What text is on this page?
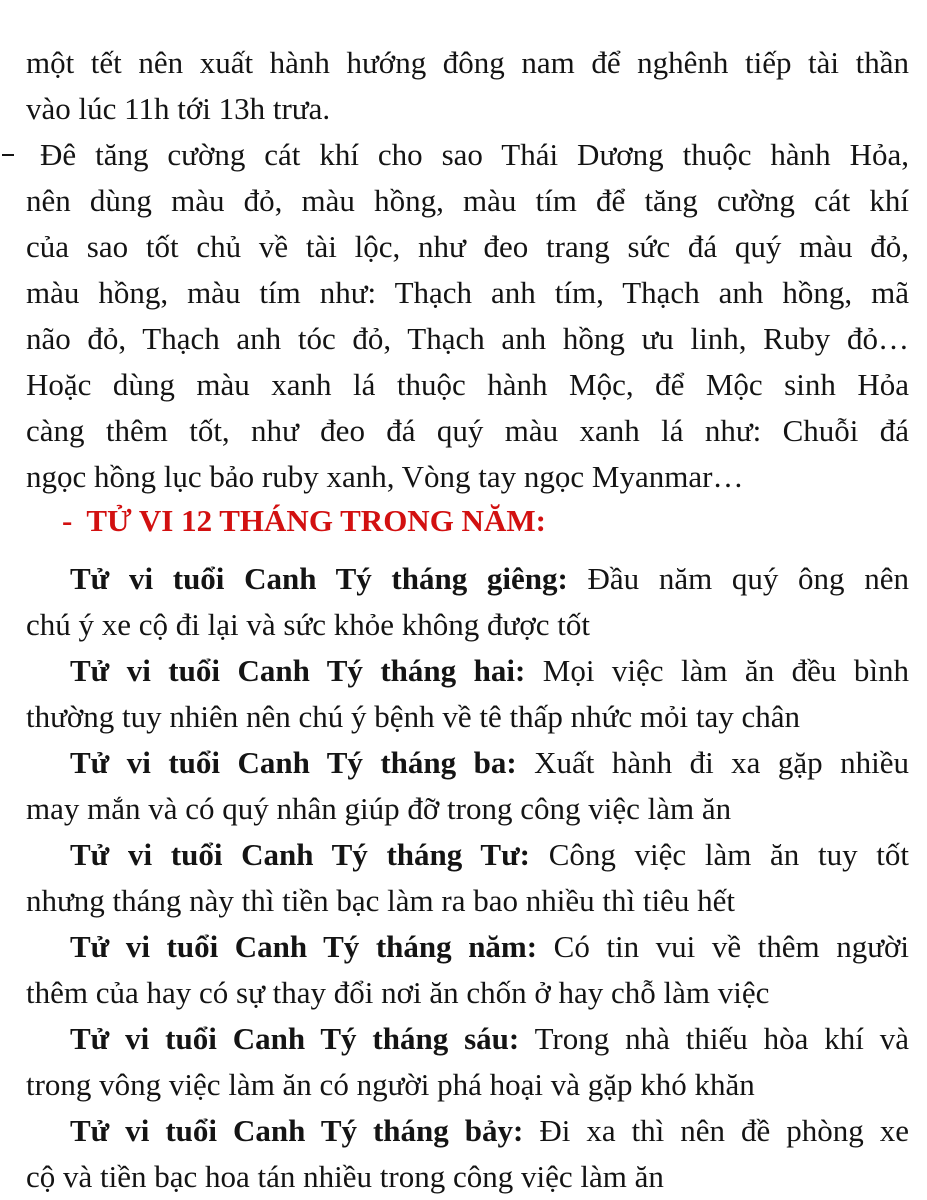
một tết nên xuất hành hướng đông nam để nghênh tiếp tài thần
vào lúc 11h tới 13h trưa.
Đê tăng cường cát khí cho sao Thái Dương thuộc hành Hỏa,
nên dùng màu đỏ, màu hồng, màu tím để tăng cường cát khí
của sao tốt chủ về tài lộc, như đeo trang sức đá quý màu đỏ,
màu hồng, màu tím như: Thạch anh tím, Thạch anh hồng, mã
não đỏ, Thạch anh tóc đỏ, Thạch anh hồng ưu linh, Ruby đỏ…
Hoặc dùng màu xanh lá thuộc hành Mộc, để Mộc sinh Hỏa
càng thêm tốt, như đeo đá quý màu xanh lá như: Chuỗi đá
ngọc hồng lục bảo ruby xanh, Vòng tay ngọc Myanmar…
- TỬ VI 12 THÁNG TRONG NĂM:
Tử vi tuổi Canh Tý tháng giêng: Đầu năm quý ông nên
chú ý xe cộ đi lại và sức khỏe không được tốt
Tử vi tuổi Canh Tý tháng hai: Mọi việc làm ăn đều bình
thường tuy nhiên nên chú ý bệnh về tê thấp nhức mỏi tay chân
Tử vi tuổi Canh Tý tháng ba: Xuất hành đi xa gặp nhiều
may mắn và có quý nhân giúp đỡ trong công việc làm ăn
Tử vi tuổi Canh Tý tháng Tư: Công việc làm ăn tuy tốt
nhưng tháng này thì tiền bạc làm ra bao nhiều thì tiêu hết
Tử vi tuổi Canh Tý tháng năm: Có tin vui về thêm người
thêm của hay có sự thay đổi nơi ăn chốn ở hay chỗ làm việc
Tử vi tuổi Canh Tý tháng sáu: Trong nhà thiếu hòa khí và
trong vông việc làm ăn có người phá hoại và gặp khó khăn
Tử vi tuổi Canh Tý tháng bảy: Đi xa thì nên đề phòng xe
cộ và tiền bạc hoa tán nhiều trong công việc làm ăn
